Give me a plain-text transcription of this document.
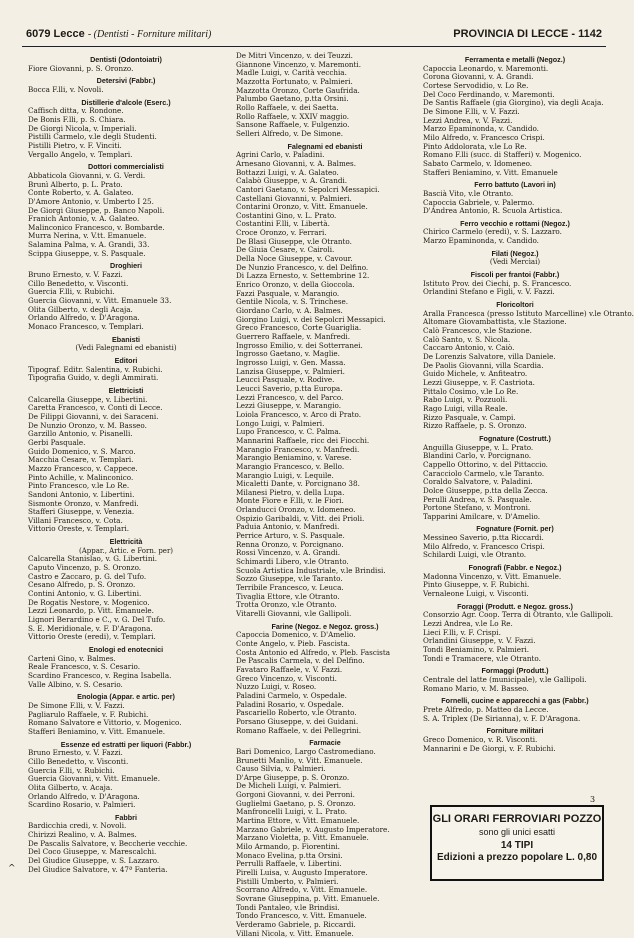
6079 Lecce - (Dentisti - Forniture militari)	PROVINCIA DI LECCE - 1142
Dentisti (Odontoiatri)
Fiore Giovanni, p. S. Oronzo.
Detersivi (Fabbr.)
Bocca F.lli, v. Novoli.
Distillerie d'alcole (Eserc.)
Caffisch ditta, v. Rondone.
De Bonis F.lli, p. S. Chiara.
De Giorgi Nicola, v. Imperiali.
Pistilli Carmelo, v.le degli Studenti.
Pistilli Pietro, v. F. Vinciti.
Vergallo Angelo, v. Templari.
Dottori commercialisti
Abbaticola Giovanni, v. G. Verdi.
Brunì Alberto, p. L. Prato.
Conte Roberto, v. A. Galateo.
D'Amore Antonio, v. Umberto I 25.
De Giorgi Giuseppe, p. Banco Napoli.
Franich Antonio, v. A. Galateo.
Malinconico Francesco, v. Bombarde.
Murra Nerina, v. V.tt. Emanuele.
Salamina Palma, v. A. Grandi, 33.
Scippa Giuseppe, v. S. Pasquale.
Droghieri
Bruno Ernesto, v. V. Fazzi.
Cillo Benedetto, v. Visconti.
Guercia F.lli, v. Rubichi.
Guercia Giovanni, v. Vitt. Emanuele 33.
Olita Gilberto, v. degli Acaja.
Orlando Alfredo, v. D'Aragona.
Monaco Francesco, v. Templari.
Ebanisti
(Vedi Falegnami ed ebanisti)
Editori
Tipograf. Editr. Salentina, v. Rubichi.
Tipografia Guido, v. degli Ammirati.
Elettricisti
Calcarella Giuseppe, v. Libertini.
Caretta Francesco, v. Conti di Lecce.
De Filippi Giovanni, v. dei Saraceni.
De Nunzio Oronzo, v. M. Basseo.
Garzillo Antonio, v. Pisanelli.
Gerbi Pasquale.
Guido Domenico, v. S. Marco.
Macchia Cesare, v. Templari.
Mazzo Francesco, v. Cappece.
Pinto Achille, v. Malinconico.
Pinto Francesco, v.le Lo Re.
Sandoni Antonio, v. Libertini.
Sismonte Oronzo, v. Manfredi.
Stafferi Giuseppe, v. Venezia.
Villani Francesco, v. Cota.
Vittorio Oreste, v. Templari.
Elettricità
(Appar., Artic. e Forn. per)
Calcarella Stanislao, v. G. Libertini.
Caputo Vincenzo, p. S. Oronzo.
Castro e Zaccaro, p. G. del Tufo.
Cesano Alfredo, p. S. Oronzo.
Contini Antonio, v. G. Libertini.
De Rogatis Nestore, v. Mogenico.
Lezzi Leonardo, p. Vitt. Emanuele.
Lignori Berardino e C., v. G. Del Tufo.
S. E. Meridionale, v. F. D'Aragona.
Vittorio Oreste (eredi), v. Templari.
Enologi ed enotecnici
Carteni Gino, v. Balmes.
Reale Francesco, v. S. Cesario.
Scardino Francesco, v. Regina Isabella.
Valle Albino, v. S. Cesario.
Enologia (Appar. e artic. per)
De Simone F.lli, v. V. Fazzi.
Pagliarulo Raffaele, v. F. Rubichi.
Romano Salvatore e Vittorio, v. Mogenico.
Stafferi Beniamino, v. Vitt. Emanuele.
Essenze ed estratti per liquori (Fabbr.)
Bruno Ernesto, v. V. Fazzi.
Cillo Benedetto, v. Visconti.
Guercia F.lli, v. Rubichi.
Guercia Giovanni, v. Vitt. Emanuele.
Olita Gilberto, v. Acaja.
Orlando Alfredo, v. D'Aragona.
Scardino Rosario, v. Palmieri.
Fabbri
Bardicchia credi, v. Novoli.
Chirizzi Realino, v. A. Balmes.
De Pascalis Salvatore, v. Beccherie vecchie.
Del Coco Giuseppe, v. Marescalchi.
Del Giudice Giuseppe, v. S. Lazzaro.
Del Giudice Salvatore, v. 47ª Fanteria.
De Mitri Vincenzo, v. dei Teuzzi.
Giannone Vincenzo, v. Maremonti.
Madle Luigi, v. Carità vecchia.
Mazzotta Fortunato, v. Palmieri.
Mazzotta Oronzo, Corte Gaufrida.
Palumbo Gaetano, p.tta Orsini.
Rollo Raffaele, v. dei Saetta.
Rollo Raffaele, v. XXIV maggio.
Sansone Raffaele, v. Fulgenzio.
Selleri Alfredo, v. De Simone.
Falegnami ed ebanisti
Agrini Carlo, v. Paladini.
Arnesano Giovanni, v. A. Balmes.
Bottazzi Luigi, v. A. Galateo.
Calabò Giuseppe, v. A. Grandi.
Cantori Gaetano, v. Sepolcri Messapici.
Castellani Giovanni, v. Palmieri.
Contarini Oronzo, v. Vitt. Emanuele.
Costantini Gino, v. L. Prato.
Costantini F.lli, v. Libertà.
Croce Oronzo, v. Ferrari.
De Blasi Giuseppe, v.le Otranto.
De Giuia Cesare, v. Cairoli.
Della Noce Giuseppe, v. Cavour.
De Nunzio Francesco, v. del Delfino.
Di Lazza Ernesto, v. Settembrine 12.
Enrico Oronzo, v. della Gioccola.
Fazzi Pasquale, v. Marangio.
Gentile Nicola, v. S. Trinchese.
Giordano Carlo, v. A. Balmes.
Giorgino Luigi, v. dei Sepolcri Messapici.
Greco Francesco, Corte Guariglia.
Guerrero Raffaele, v. Manfredi.
Ingrosso Emilio, v. dei Sotterranei.
Ingrosso Gaetano, v. Maglie.
Ingrosso Luigi, v. Gen. Massa.
Lanzisa Giuseppe, v. Palmieri.
Leucci Pasquale, v. Rodive.
Leucci Saverio, p.tta Europa.
Lezzi Francesco, v. del Parco.
Lezzi Giuseppe, v. Marangio.
Loiola Francesco, v. Arco di Prato.
Longo Luigi, v. Palmieri.
Lupo Francesco, v. C. Palma.
Mannarini Raffaele, ricc dei Fiocchi.
Marangio Francesco, v. Manfredi.
Marangio Beniamino, v. Varese.
Marangio Francesco, v. Bello.
Marangio Luigi, v. Lequile.
Micaletti Dante, v. Porcignano 38.
Milanesi Pietro, v. della Lupa.
Monte Fiore e F.lli, v. le Fiori.
Orlanducci Oronzo, v. Idomeneo.
Ospizio Garibaldi, v. Vitt. dei Prioli.
Paduia Antonio, v. Manfredi.
Perrice Arturo, v. S. Pasquale.
Renna Oronzo, v. Porcignano.
Rossi Vincenzo, v. A. Grandi.
Schimardi Libero, v.le Otranto.
Scuola Artistica Industriale, v.le Brindisi.
Sozzo Giuseppe, v.le Taranto.
Terribile Francesco, v. Leuca.
Tivaglia Ettore, v.le Otranto.
Trotta Oronzo, v.le Otranto.
Vitarelli Giovanni, v.le Gallipoli.
Farine (Negoz. e Negoz. gross.)
Capoccia Domenico, v. D'Amelio.
Conte Angelo, v. Pieb. Fascista.
Costa Antonio ed Alfredo, v. Pleb. Fascista
De Pascalis Carmela, v. del Delfino.
Favataro Raffaele, v. V. Fazzi.
Greco Vincenzo, v. Visconti.
Nuzzo Luigi, v. Roseo.
Paladini Carmelo, v. Ospedale.
Paladini Rosario, v. Ospedale.
Pascariello Roberto, v.le Otranto.
Porsano Giuseppe, v. dei Guidani.
Romano Raffaele, v. dei Pellegrini.
Farmacie
Bari Domenico, Largo Castromediano.
Brunetti Manlio, v. Vitt. Emanuele.
Causo Silvia, v. Palmieri.
D'Arpe Giuseppe, p. S. Oronzo.
De Micheli Luigi, v. Palmieri.
Gorgoni Giovanni, v. dei Perroni.
Guglielmi Gaetano, p. S. Oronzo.
Manfroncelli Luigi, v. L. Prato.
Martina Ettore, v. Vitt. Emanuele.
Marzano Gabriele, v. Augusto Imperatore.
Marzano Violetta, p. Vitt. Emanuele.
Milo Armando, p. Fiorentini.
Monaco Evelina, p.tta Orsini.
Perrulli Raffaele, v. Libertini.
Pirelli Luisa, v. Augusto Imperatore.
Pistilli Umberto, v. Palmieri.
Scorrano Alfredo, v. Vitt. Emanuele.
Sovrane Giuseppina, p. Vitt. Emanuele.
Tondi Pantaleo, v.le Brindisi.
Tondo Francesco, v. Vitt. Emanuele.
Verderamo Gabriele, p. Riccardi.
Villani Nicola, v. Vitt. Emanuele.
Ferramenta e metalli (Negoz.)
Capoccia Leonardo, v. Maremonti.
Corona Giovanni, v. A. Grandi.
Cortese Servodidio, v. Lo Re.
Del Coco Ferdinando, v. Maremonti.
De Santis Raffaele (gia Giorgino), via degli Acaja.
De Simone F.lli, v. V. Fazzi.
Lezzi Andrea, v. V. Fazzi.
Marzo Epaminonda, v. Candido.
Milo Alfredo, v. Francesco Crispi.
Pinto Addolorata, v.le Lo Re.
Romano F.lli (succ. di Stafferi) v. Mogenico.
Sabato Carmelo, v. Idomeneo.
Stafferi Beniamino, v. Vitt. Emanuele
Ferro battuto (Lavori in)
Bascià Vito, v.le Otranto.
Capoccia Gabriele, v. Palermo.
D'Andrea Antonio, R. Scuola Artistica.
Ferro vecchio e rottami (Negoz.)
Chirico Carmelo (eredi), v. S. Lazzaro.
Marzo Epaminonda, v. Candido.
Filati (Negoz.)
(Vedi Mercìai)
Fiscoli per frantoi (Fabbr.)
Istituto Prov. dei Ciechi, p. S. Francesco.
Orlandini Stefano e Figli, v. V. Fazzi.
Floricoltori
Aralla Francesca (presso Istituto Marcelline) v.le Otranto.
Altomare Giovambattista, v.le Stazione.
Calò Francesco, v.le Stazione.
Calò Santo, v. S. Nicola.
Caccaro Antonio, v. Caiò.
De Lorenzis Salvatore, villa Daniele.
De Paolis Giovanni, villa Scardia.
Guido Michele, v. Anfiteatro.
Lezzi Giuseppe, v. F. Castriota.
Pittalo Cosimo, v.le Lo Re.
Rabo Luigi, v. Pozzuoli.
Rago Luigi, villa Reale.
Rizzo Pasquale, v. Campi.
Rizzo Raffaele, p. S. Oronzo.
Fognature (Costrutt.)
Anguilla Giuseppe, v. L. Prato.
Blandini Carlo, v. Porcignano.
Cappello Ottorino, v. del Pittaccio.
Caracciolo Carmelo, v.le Taranto.
Coraldo Salvatore, v. Paladini.
Dolce Giuseppe, p.tta della Zecca.
Perulli Andrea, v. S. Pasquale.
Portone Stefano, v. Montroni.
Tapparini Amilcare, v. D'Amelio.
Fognature (Fornit. per)
Messineo Saverio, p.tta Riccardi.
Milo Alfredo, v. Francesco Crispi.
Schilardi Luigi, v.le Otranto.
Fonografi (Fabbr. e Negoz.)
Madonna Vincenzo, v. Vitt. Emanuele.
Pinto Giuseppe, v. F. Rubichi.
Vernaleone Luigi, v. Visconti.
Foraggi (Produtt. e Negoz. gross.)
Consorzio Agr. Coop. Terra di Otranto, v.le Gallipoli.
Lezzi Andrea, v.le Lo Re.
Lieci F.lli, v. F. Crispi.
Orlandini Giuseppe, v. V. Fazzi.
Tondi Beniamino, v. Palmieri.
Tondi e Tramacere, v.le Otranto.
Formaggi (Produtt.)
Centrale del latte (municipale), v.le Gallipoli.
Romano Mario, v. M. Basseo.
Fornelli, cucine e apparecchi a gas (Fabbr.)
Prete Alfredo, p. Matteo da Lecce.
S. A. Triplex (De Sirianna), v. F. D'Aragona.
Forniture militari
Greco Domenico, v. R. Visconti.
Mannarini e De Giorgi, v. F. Rubichi.
3
GLI ORARI FERROVIARI POZZO
sono gli unici esatti
14 TIPI
Edizioni a prezzo popolare L. 0,80
^
